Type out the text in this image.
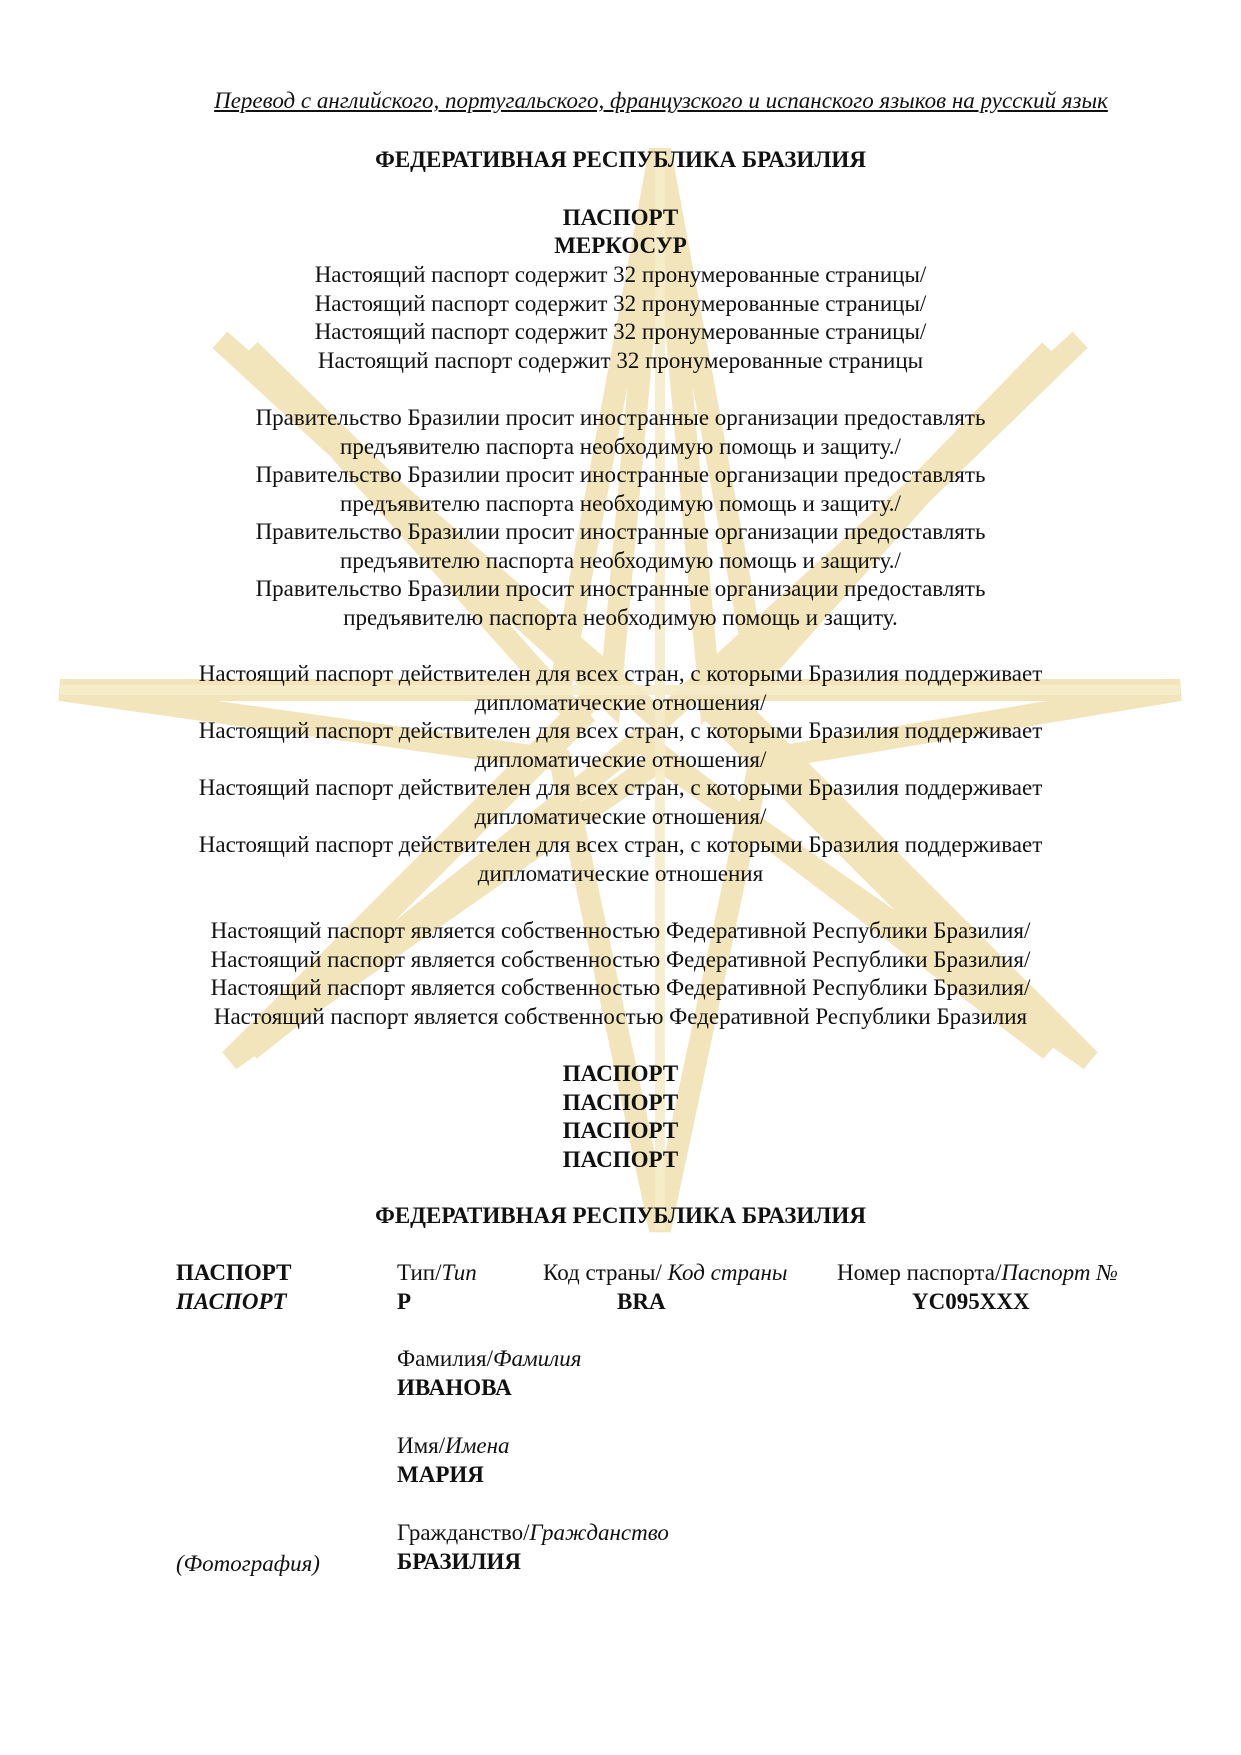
Перевод с английского, португальского, французского и испанского языков на русский язык
ФЕДЕРАТИВНАЯ РЕСПУБЛИКА БРАЗИЛИЯ
ПАСПОРТ
МЕРКОСУР
Настоящий паспорт содержит 32 пронумерованные страницы/
Настоящий паспорт содержит 32 пронумерованные страницы/
Настоящий паспорт содержит 32 пронумерованные страницы/
Настоящий паспорт содержит 32 пронумерованные страницы
Правительство Бразилии просит иностранные организации предоставлять
предъявителю паспорта необходимую помощь и защиту./
Правительство Бразилии просит иностранные организации предоставлять
предъявителю паспорта необходимую помощь и защиту./
Правительство Бразилии просит иностранные организации предоставлять
предъявителю паспорта необходимую помощь и защиту./
Правительство Бразилии просит иностранные организации предоставлять
предъявителю паспорта необходимую помощь и защиту.
Настоящий паспорт действителен для всех стран, с которыми Бразилия поддерживает
дипломатические отношения/
Настоящий паспорт действителен для всех стран, с которыми Бразилия поддерживает
дипломатические отношения/
Настоящий паспорт действителен для всех стран, с которыми Бразилия поддерживает
дипломатические отношения/
Настоящий паспорт действителен для всех стран, с которыми Бразилия поддерживает
дипломатические отношения
Настоящий паспорт является собственностью Федеративной Республики Бразилия/
Настоящий паспорт является собственностью Федеративной Республики Бразилия/
Настоящий паспорт является собственностью Федеративной Республики Бразилия/
Настоящий паспорт является собственностью Федеративной Республики Бразилия
ПАСПОРТ
ПАСПОРТ
ПАСПОРТ
ПАСПОРТ
ФЕДЕРАТИВНАЯ РЕСПУБЛИКА БРАЗИЛИЯ
ПАСПОРТ
ПАСПОРТ
Тип/Тип
P
Код страны/ Код страны
BRA
Номер паспорта/Паспорт №
YC095XXX
Фамилия/Фамилия
ИВАНОВА
Имя/Имена
МАРИЯ
Гражданство/Гражданство
БРАЗИЛИЯ
(Фотография)
